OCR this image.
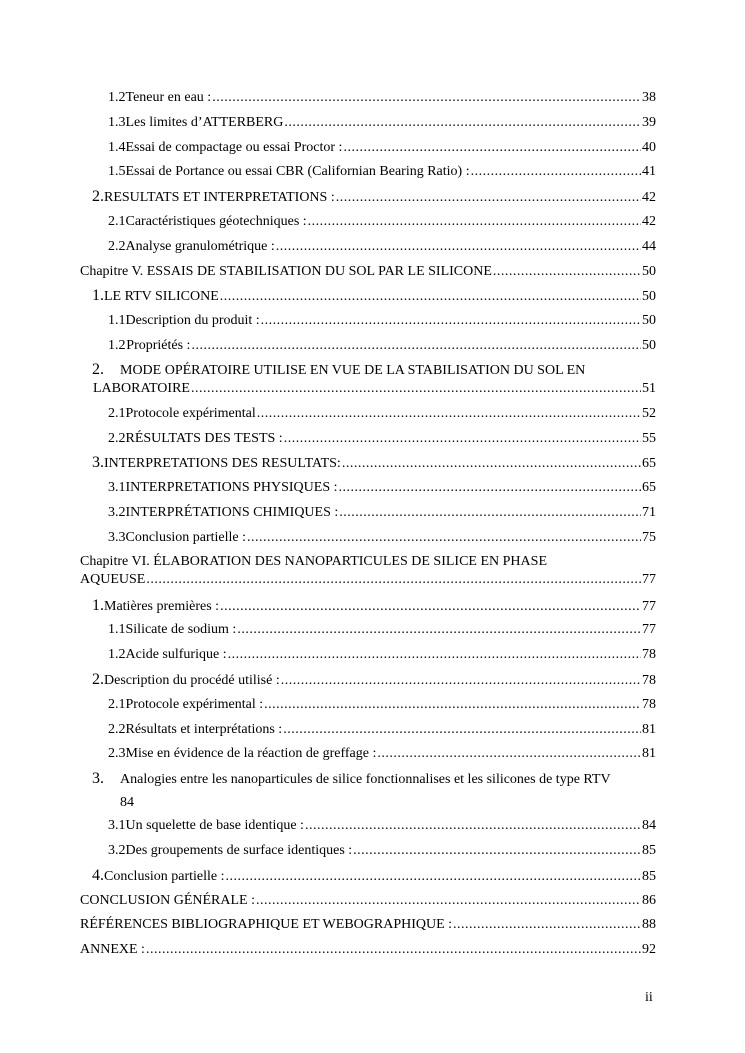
1.2 Teneur en eau : .....	38
1.3 Les limites d’ATTERBERG .....	39
1.4 Essai de compactage ou essai Proctor : .....	40
1.5 Essai de Portance ou essai CBR (Californian Bearing Ratio) : .....	41
2. RESULTATS ET INTERPRETATIONS : .....	42
2.1 Caractéristiques géotechniques : .....	42
2.2 Analyse granulométrique : .....	44
Chapitre V. ESSAIS DE STABILISATION DU SOL PAR LE SILICONE .....	50
1. LE RTV SILICONE .....	50
1.1 Description du produit : .....	50
1.2 Propriétés : .....	50
2.	MODE OPÉRATOIRE UTILISE EN VUE DE LA STABILISATION DU SOL EN
LABORATOIRE .....	51
2.1 Protocole expérimental .....	52
2.2 RÉSULTATS DES TESTS : .....	55
3. INTERPRETATIONS DES RESULTATS: .....	65
3.1 INTERPRETATIONS PHYSIQUES : .....	65
3.2 INTERPRÉTATIONS CHIMIQUES : .....	71
3.3 Conclusion partielle : .....	75
Chapitre VI. ÉLABORATION DES NANOPARTICULES DE SILICE EN PHASE
AQUEUSE .....	77
1. Matières premières : .....	77
1.1 Silicate de sodium : .....	77
1.2 Acide sulfurique : .....	78
2. Description du procédé utilisé : .....	78
2.1 Protocole expérimental : .....	78
2.2 Résultats et interprétations : .....	81
2.3 Mise en évidence de la réaction de greffage : .....	81
3.	Analogies entre les nanoparticules de silice fonctionnalises et les silicones de type RTV
84
3.1 Un squelette de base identique : .....	84
3.2 Des groupements de surface identiques : .....	85
4. Conclusion partielle : .....	85
CONCLUSION GÉNÉRALE : .....	86
RÉFÉRENCES BIBLIOGRAPHIQUE ET WEBOGRAPHIQUE : .....	88
ANNEXE : .....	92
ii
